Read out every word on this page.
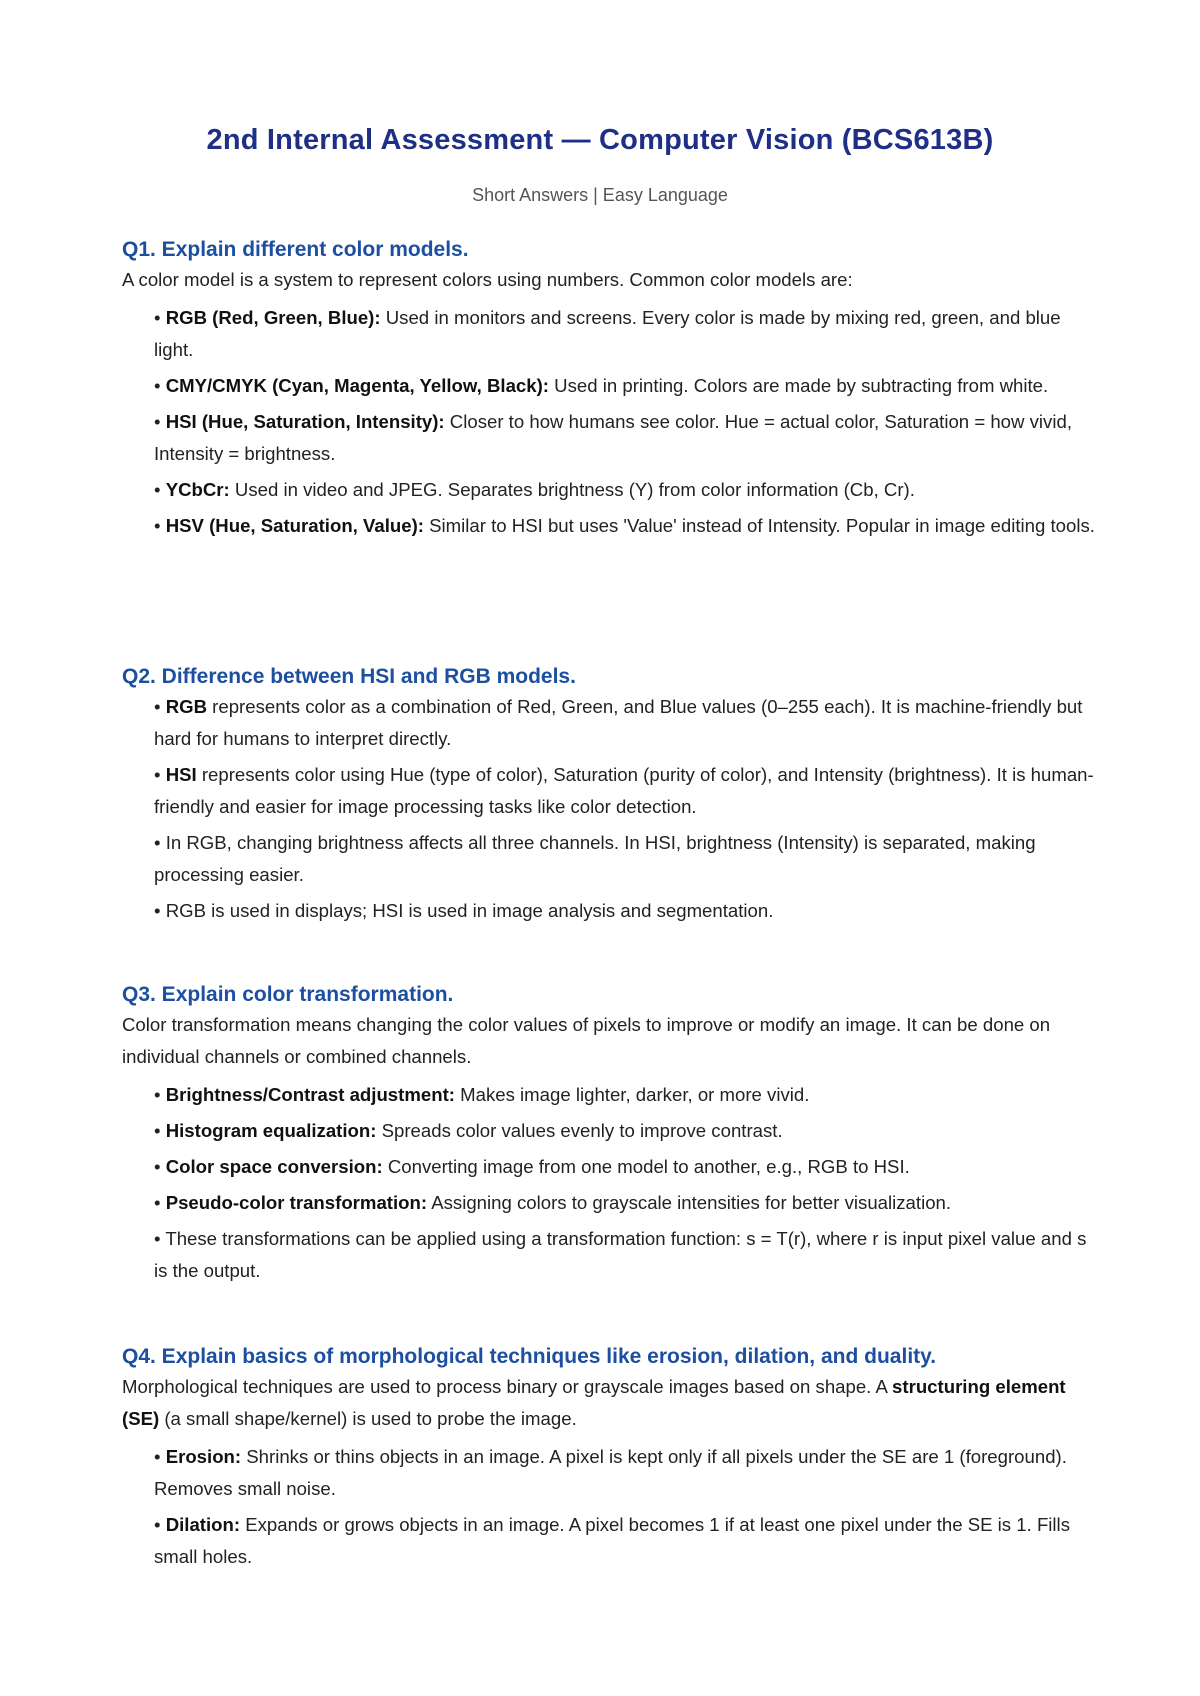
2nd Internal Assessment — Computer Vision (BCS613B)
Short Answers | Easy Language
Q1. Explain different color models.

A color model is a system to represent colors using numbers. Common color models are:

• RGB (Red, Green, Blue): Used in monitors and screens. Every color is made by mixing red, green, and blue light.
• CMY/CMYK (Cyan, Magenta, Yellow, Black): Used in printing. Colors are made by subtracting from white.
• HSI (Hue, Saturation, Intensity): Closer to how humans see color. Hue = actual color, Saturation = how vivid, Intensity = brightness.
• YCbCr: Used in video and JPEG. Separates brightness (Y) from color information (Cb, Cr).
• HSV (Hue, Saturation, Value): Similar to HSI but uses 'Value' instead of Intensity. Popular in image editing tools.
Q2. Difference between HSI and RGB models.
• RGB represents color as a combination of Red, Green, and Blue values (0–255 each). It is machine-friendly but hard for humans to interpret directly.
• HSI represents color using Hue (type of color), Saturation (purity of color), and Intensity (brightness). It is human-friendly and easier for image processing tasks like color detection.
• In RGB, changing brightness affects all three channels. In HSI, brightness (Intensity) is separated, making processing easier.
• RGB is used in displays; HSI is used in image analysis and segmentation.
Q3. Explain color transformation.

Color transformation means changing the color values of pixels to improve or modify an image. It can be done on individual channels or combined channels.

• Brightness/Contrast adjustment: Makes image lighter, darker, or more vivid.
• Histogram equalization: Spreads color values evenly to improve contrast.
• Color space conversion: Converting image from one model to another, e.g., RGB to HSI.
• Pseudo-color transformation: Assigning colors to grayscale intensities for better visualization.
• These transformations can be applied using a transformation function: s = T(r), where r is input pixel value and s is the output.
Q4. Explain basics of morphological techniques like erosion, dilation, and duality.

Morphological techniques are used to process binary or grayscale images based on shape. A structuring element (SE) (a small shape/kernel) is used to probe the image.

• Erosion: Shrinks or thins objects in an image. A pixel is kept only if all pixels under the SE are 1 (foreground). Removes small noise.
• Dilation: Expands or grows objects in an image. A pixel becomes 1 if at least one pixel under the SE is 1. Fills small holes.
